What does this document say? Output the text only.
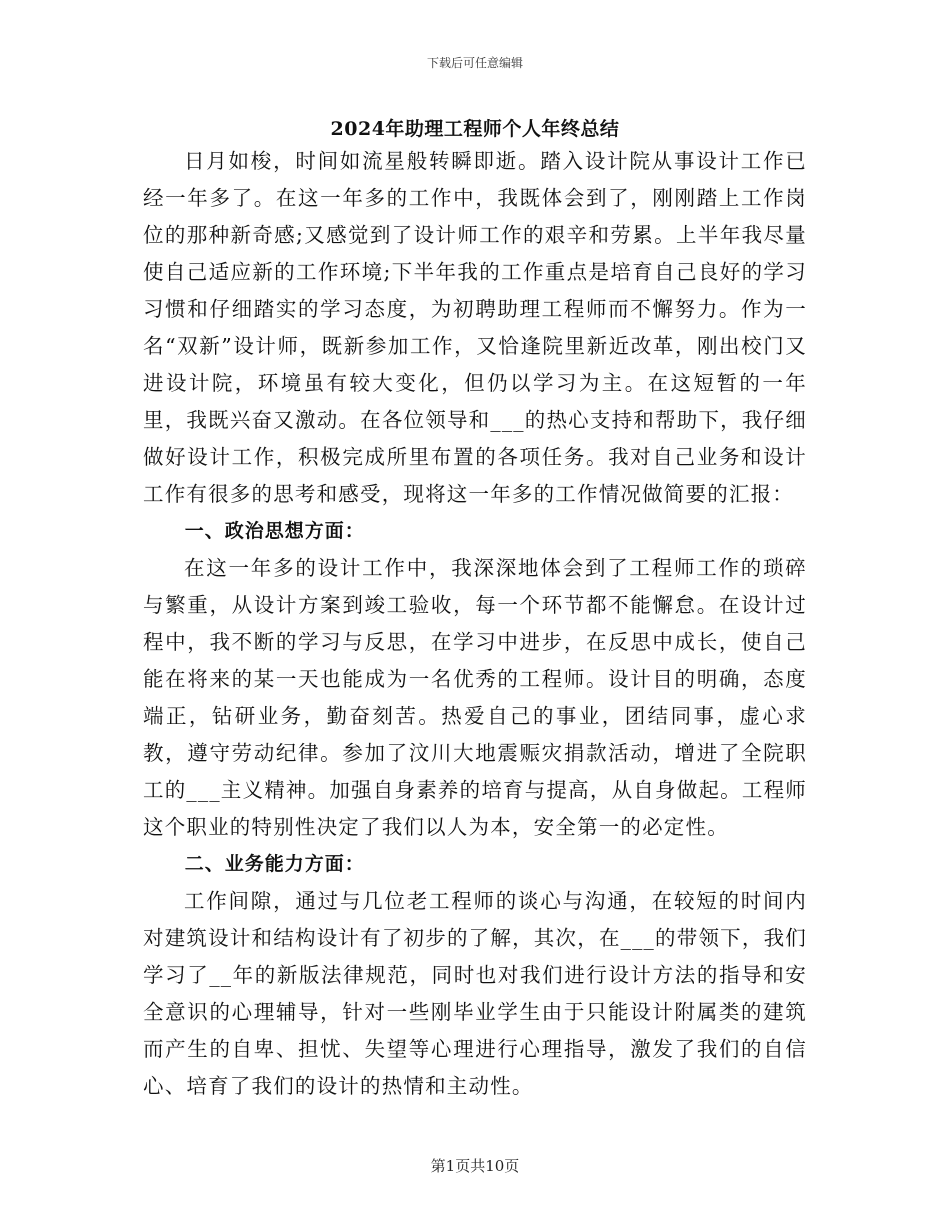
下载后可任意编辑
2024年助理工程师个人年终总结

日月如梭，时间如流星般转瞬即逝。踏入设计院从事设计工作已经一年多了。在这一年多的工作中，我既体会到了，刚刚踏上工作岗位的那种新奇感;又感觉到了设计师工作的艰辛和劳累。上半年我尽量使自己适应新的工作环境;下半年我的工作重点是培育自己良好的学习习惯和仔细踏实的学习态度，为初聘助理工程师而不懈努力。作为一名“双新”设计师，既新参加工作，又恰逢院里新近改革，刚出校门又进设计院，环境虽有较大变化，但仍以学习为主。在这短暂的一年里，我既兴奋又激动。在各位领导和___的热心支持和帮助下，我仔细做好设计工作，积极完成所里布置的各项任务。我对自己业务和设计工作有很多的思考和感受，现将这一年多的工作情况做简要的汇报：

一、政治思想方面：

在这一年多的设计工作中，我深深地体会到了工程师工作的琐碎与繁重，从设计方案到竣工验收，每一个环节都不能懈怠。在设计过程中，我不断的学习与反思，在学习中进步，在反思中成长，使自己能在将来的某一天也能成为一名优秀的工程师。设计目的明确，态度端正，钻研业务，勤奋刻苦。热爱自己的事业，团结同事，虚心求教，遵守劳动纪律。参加了汶川大地震赈灾捐款活动，增进了全院职工的___主义精神。加强自身素养的培育与提高，从自身做起。工程师这个职业的特别性决定了我们以人为本，安全第一的必定性。

二、业务能力方面：

工作间隙，通过与几位老工程师的谈心与沟通，在较短的时间内对建筑设计和结构设计有了初步的了解，其次，在___的带领下，我们学习了__年的新版法律规范，同时也对我们进行设计方法的指导和安全意识的心理辅导，针对一些刚毕业学生由于只能设计附属类的建筑而产生的自卑、担忧、失望等心理进行心理指导，激发了我们的自信心、培育了我们的设计的热情和主动性。

第1页共10页
